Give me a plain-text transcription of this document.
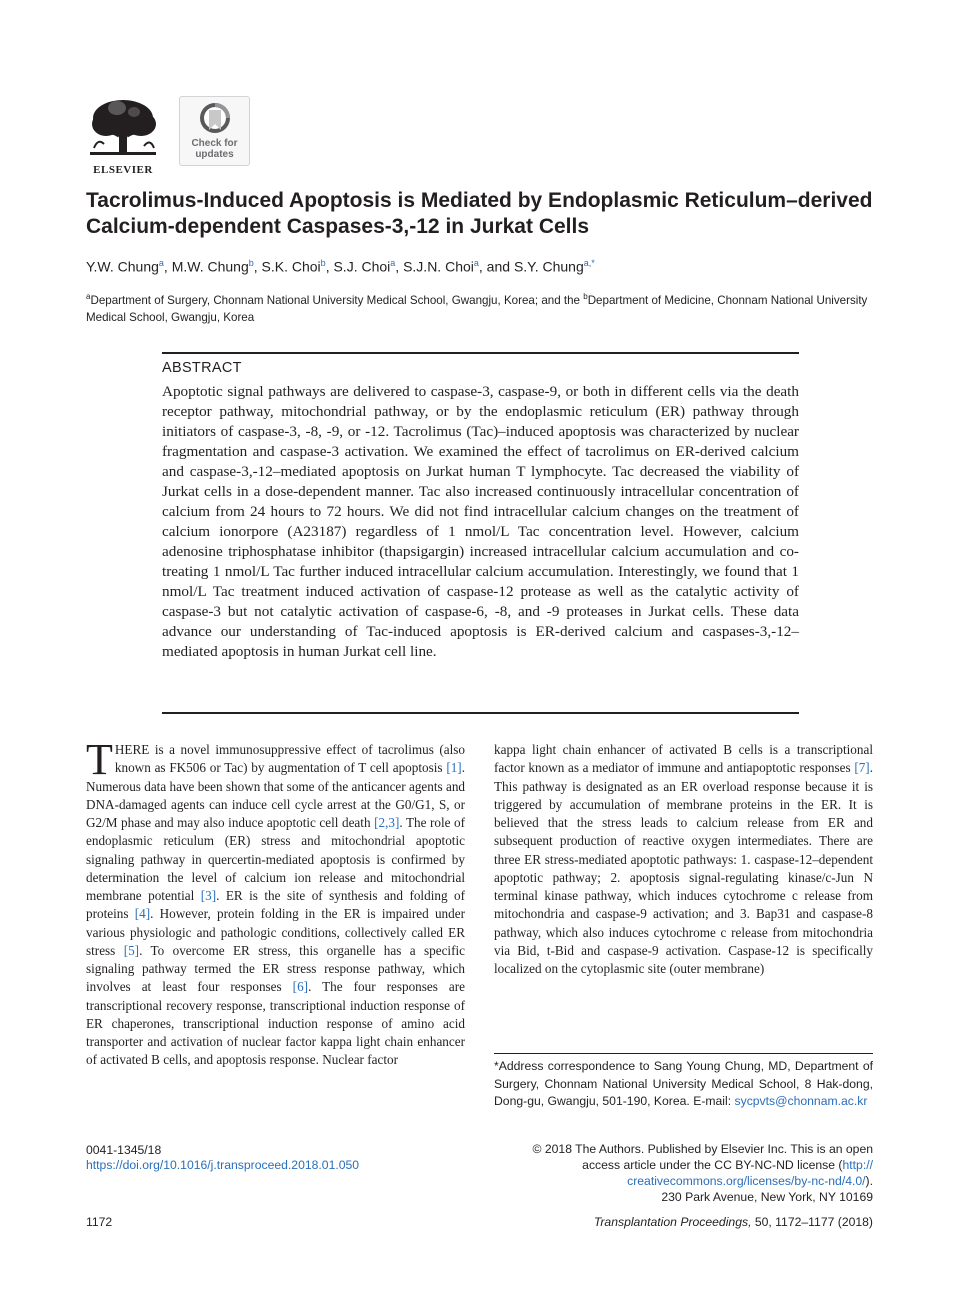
ELSEVIER
Check for updates
Tacrolimus-Induced Apoptosis is Mediated by Endoplasmic Reticulum–derived Calcium-dependent Caspases-3,-12 in Jurkat Cells
Y.W. Chung$^a$, M.W. Chung$^b$, S.K. Choi$^b$, S.J. Choi$^a$, S.J.N. Choi$^a$, and S.Y. Chung$^{a,*}$
$^a$Department of Surgery, Chonnam National University Medical School, Gwangju, Korea; and the $^b$Department of Medicine, Chonnam National University Medical School, Gwangju, Korea
ABSTRACT

Apoptotic signal pathways are delivered to caspase-3, caspase-9, or both in different cells via the death receptor pathway, mitochondrial pathway, or by the endoplasmic reticulum (ER) pathway through initiators of caspase-3, -8, -9, or -12. Tacrolimus (Tac)–induced apoptosis was characterized by nuclear fragmentation and caspase-3 activation. We examined the effect of tacrolimus on ER-derived calcium and caspase-3,-12–mediated apoptosis on Jurkat human T lymphocyte. Tac decreased the viability of Jurkat cells in a dose-dependent manner. Tac also increased continuously intracellular concentration of calcium from 24 hours to 72 hours. We did not find intracellular calcium changes on the treatment of calcium ionorpore (A23187) regardless of 1 nmol/L Tac concentration level. However, calcium adenosine triphosphatase inhibitor (thapsigargin) increased intracellular calcium accumulation and co-treating 1 nmol/L Tac further induced intracellular calcium accumulation. Interestingly, we found that 1 nmol/L Tac treatment induced activation of caspase-12 protease as well as the catalytic activity of caspase-3 but not catalytic activation of caspase-6, -8, and -9 proteases in Jurkat cells. These data advance our understanding of Tac-induced apoptosis is ER-derived calcium and caspases-3,-12– mediated apoptosis in human Jurkat cell line.

THERE is a novel immunosuppressive effect of tacrolimus (also known as FK506 or Tac) by augmentation of T cell apoptosis [1]. Numerous data have been shown that some of the anticancer agents and DNA-damaged agents can induce cell cycle arrest at the G0/G1, S, or G2/M phase and may also induce apoptotic cell death [2,3]. The role of endoplasmic reticulum (ER) stress and mitochondrial apoptotic signaling pathway in quercertin-mediated apoptosis is confirmed by determination the level of calcium ion release and mitochondrial membrane potential [3]. ER is the site of synthesis and folding of proteins [4]. However, protein folding in the ER is impaired under various physiologic and pathologic conditions, collectively called ER stress [5]. To overcome ER stress, this organelle has a specific signaling pathway termed the ER stress response pathway, which involves at least four responses [6]. The four responses are transcriptional recovery response, transcriptional induction response of ER chaperones, transcriptional induction response of amino acid transporter and activation of nuclear factor kappa light chain enhancer of activated B cells, and apoptosis response. Nuclear factor

kappa light chain enhancer of activated B cells is a transcriptional factor known as a mediator of immune and antiapoptotic responses [7]. This pathway is designated as an ER overload response because it is triggered by accumulation of membrane proteins in the ER. It is believed that the stress leads to calcium release from ER and subsequent production of reactive oxygen intermediates. There are three ER stress-mediated apoptotic pathways: 1. caspase-12–dependent apoptotic pathway; 2. apoptosis signal-regulating kinase/c-Jun N terminal kinase pathway, which induces cytochrome c release from mitochondria and caspase-9 activation; and 3. Bap31 and caspase-8 pathway, which also induces cytochrome c release from mitochondria via Bid, t-Bid and caspase-9 activation. Caspase-12 is specifically localized on the cytoplasmic site (outer membrane)

*Address correspondence to Sang Young Chung, MD, Department of Surgery, Chonnam National University Medical School, 8 Hak-dong, Dong-gu, Gwangju, 501-190, Korea. E-mail: sycpvts@chonnam.ac.kr

© 2018 The Authors. Published by Elsevier Inc. This is an open
access article under the CC BY-NC-ND license (http://
creativecommons.org/licenses/by-nc-nd/4.0/).
230 Park Avenue, New York, NY 10169

0041-1345/18
https://doi.org/10.1016/j.transproceed.2018.01.050
1172	Transplantation Proceedings, 50, 1172–1177 (2018)
